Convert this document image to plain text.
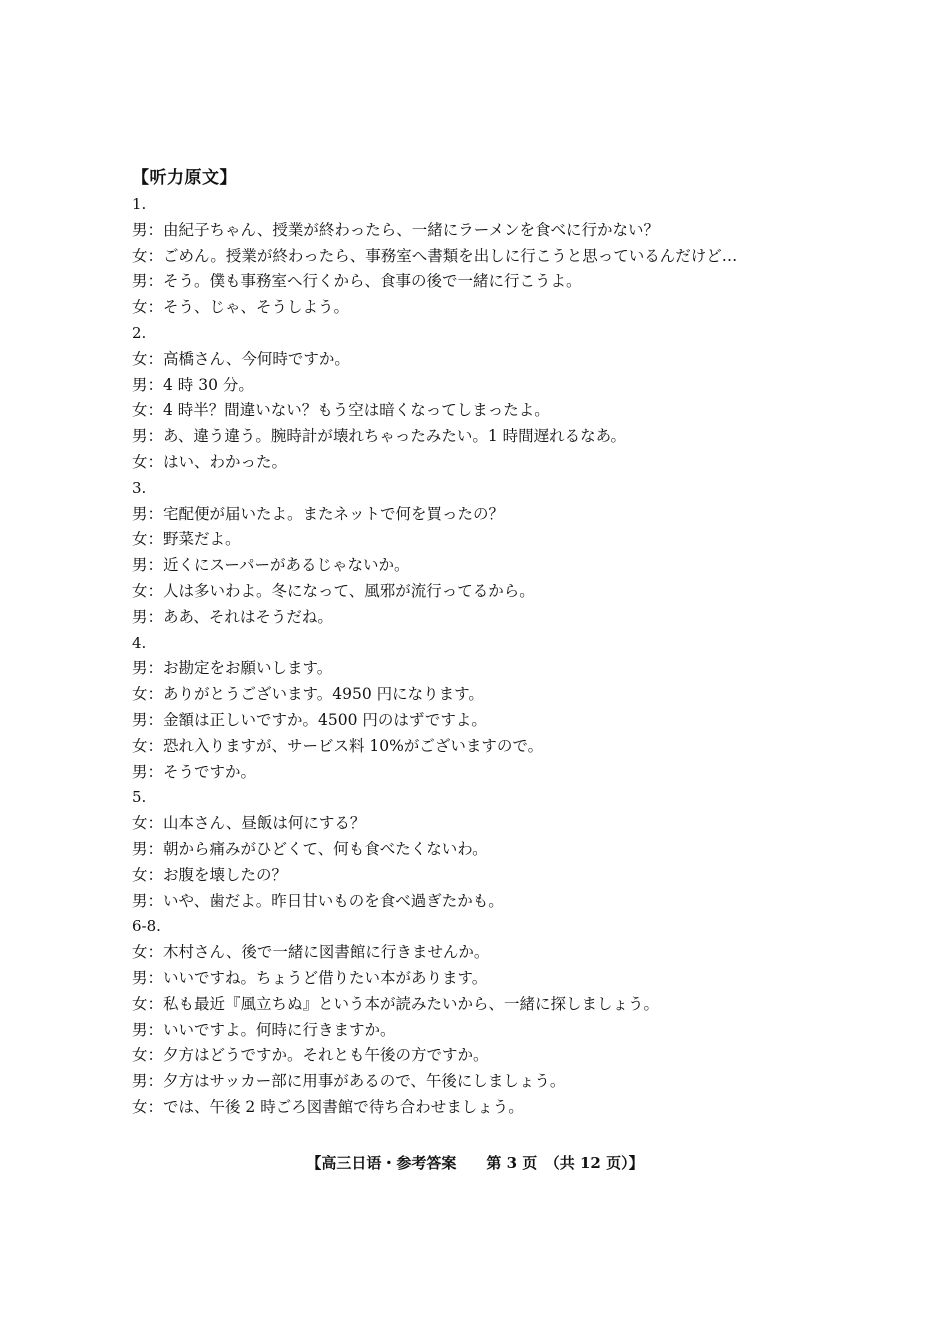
【听力原文】
1.
男：由紀子ちゃん、授業が終わったら、一緒にラーメンを食べに行かない？
女：ごめん。授業が終わったら、事務室へ書類を出しに行こうと思っているんだけど…
男：そう。僕も事務室へ行くから、食事の後で一緒に行こうよ。
女：そう、じゃ、そうしよう。
2.
女：高橋さん、今何時ですか。
男：4 時 30 分。
女：4 時半？間違いない？もう空は暗くなってしまったよ。
男：あ、違う違う。腕時計が壊れちゃったみたい。1 時間遅れるなあ。
女：はい、わかった。
3.
男：宅配便が届いたよ。またネットで何を買ったの？
女：野菜だよ。
男：近くにスーパーがあるじゃないか。
女：人は多いわよ。冬になって、風邪が流行ってるから。
男：ああ、それはそうだね。
4.
男：お勘定をお願いします。
女：ありがとうございます。4950 円になります。
男：金額は正しいですか。4500 円のはずですよ。
女：恐れ入りますが、サービス料 10%がございますので。
男：そうですか。
5.
女：山本さん、昼飯は何にする？
男：朝から痛みがひどくて、何も食べたくないわ。
女：お腹を壊したの？
男：いや、歯だよ。昨日甘いものを食べ過ぎたかも。
6-8.
女：木村さん、後で一緒に図書館に行きませんか。
男：いいですね。ちょうど借りたい本があります。
女：私も最近『風立ちぬ』という本が読みたいから、一緒に探しましょう。
男：いいですよ。何時に行きますか。
女：夕方はどうですか。それとも午後の方ですか。
男：夕方はサッカー部に用事があるので、午後にしましょう。
女：では、午後 2 時ごろ図書館で待ち合わせましょう。
【高三日语・参考答案　　第 3 页　（共 12 页）】
